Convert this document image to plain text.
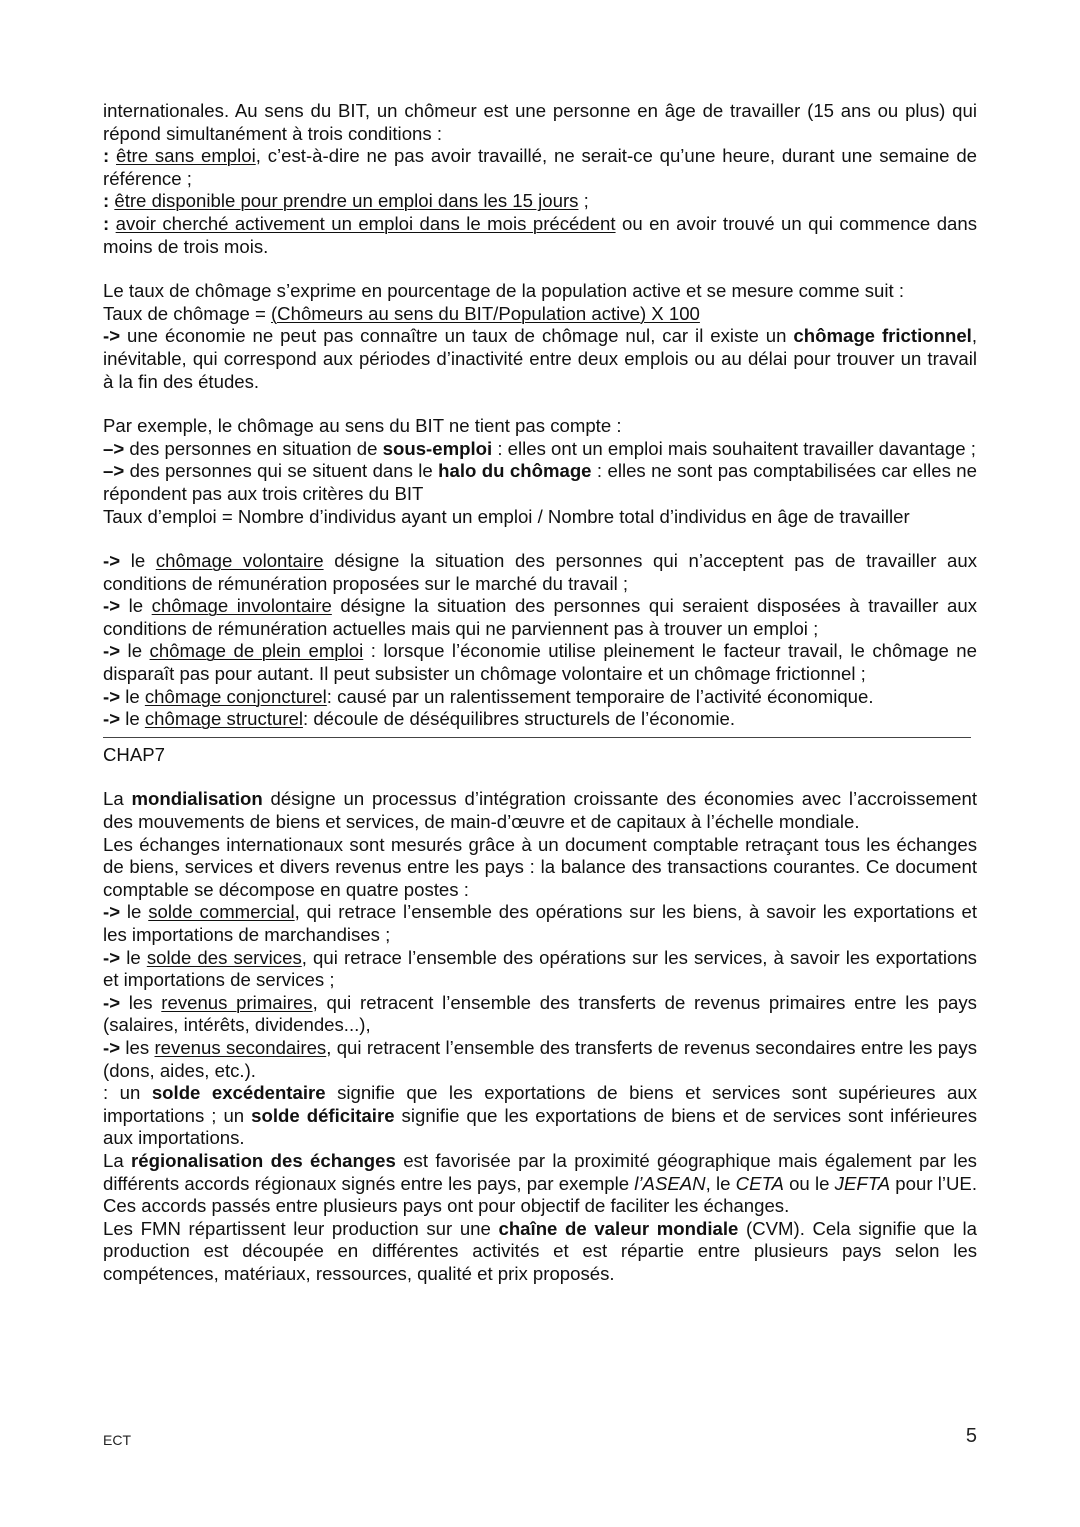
internationales. Au sens du BIT, un chômeur est une personne en âge de travailler (15 ans ou plus) qui répond simultanément à trois conditions :

: être sans emploi, c’est-à-dire ne pas avoir travaillé, ne serait-ce qu’une heure, durant une semaine de référence ;

: être disponible pour prendre un emploi dans les 15 jours ;

: avoir cherché activement un emploi dans le mois précédent ou en avoir trouvé un qui commence dans moins de trois mois.

Le taux de chômage s’exprime en pourcentage de la population active et se mesure comme suit :

Taux de chômage = (Chômeurs au sens du BIT/Population active) X 100

-> une économie ne peut pas connaître un taux de chômage nul, car il existe un chômage frictionnel, inévitable, qui correspond aux périodes d’inactivité entre deux emplois ou au délai pour trouver un travail à la fin des études.

Par exemple, le chômage au sens du BIT ne tient pas compte :

–> des personnes en situation de sous-emploi : elles ont un emploi mais souhaitent travailler davantage ;

–> des personnes qui se situent dans le halo du chômage : elles ne sont pas comptabilisées car elles ne répondent pas aux trois critères du BIT

Taux d’emploi = Nombre d’individus ayant un emploi / Nombre total d’individus en âge de travailler

-> le chômage volontaire désigne la situation des personnes qui n’acceptent pas de travailler aux conditions de rémunération proposées sur le marché du travail ;

-> le chômage involontaire désigne la situation des personnes qui seraient disposées à travailler aux conditions de rémunération actuelles mais qui ne parviennent pas à trouver un emploi ;

-> le chômage de plein emploi : lorsque l’économie utilise pleinement le facteur travail, le chômage ne disparaît pas pour autant. Il peut subsister un chômage volontaire et un chômage frictionnel ;

-> le chômage conjoncturel: causé par un ralentissement temporaire de l’activité économique.

-> le chômage structurel: découle de déséquilibres structurels de l’économie.

CHAP7

La mondialisation désigne un processus d’intégration croissante des économies avec l’accroissement des mouvements de biens et services, de main-d’œuvre et de capitaux à l’échelle mondiale.

Les échanges internationaux sont mesurés grâce à un document comptable retraçant tous les échanges de biens, services et divers revenus entre les pays : la balance des transactions courantes. Ce document comptable se décompose en quatre postes :

-> le solde commercial, qui retrace l’ensemble des opérations sur les biens, à savoir les exportations et les importations de marchandises ;

-> le solde des services, qui retrace l’ensemble des opérations sur les services, à savoir les exportations et importations de services ;

-> les revenus primaires, qui retracent l’ensemble des transferts de revenus primaires entre les pays (salaires, intérêts, dividendes...),

-> les revenus secondaires, qui retracent l’ensemble des transferts de revenus secondaires entre les pays (dons, aides, etc.).

: un solde excédentaire signifie que les exportations de biens et services sont supérieures aux importations ; un solde déficitaire signifie que les exportations de biens et de services sont inférieures aux importations.

La régionalisation des échanges est favorisée par la proximité géographique mais également par les différents accords régionaux signés entre les pays, par exemple l’ASEAN, le CETA ou le JEFTA pour l’UE. Ces accords passés entre plusieurs pays ont pour objectif de faciliter les échanges.

Les FMN répartissent leur production sur une chaîne de valeur mondiale (CVM). Cela signifie que la production est découpée en différentes activités et est répartie entre plusieurs pays selon les compétences, matériaux, ressources, qualité et prix proposés.

ECT	5
